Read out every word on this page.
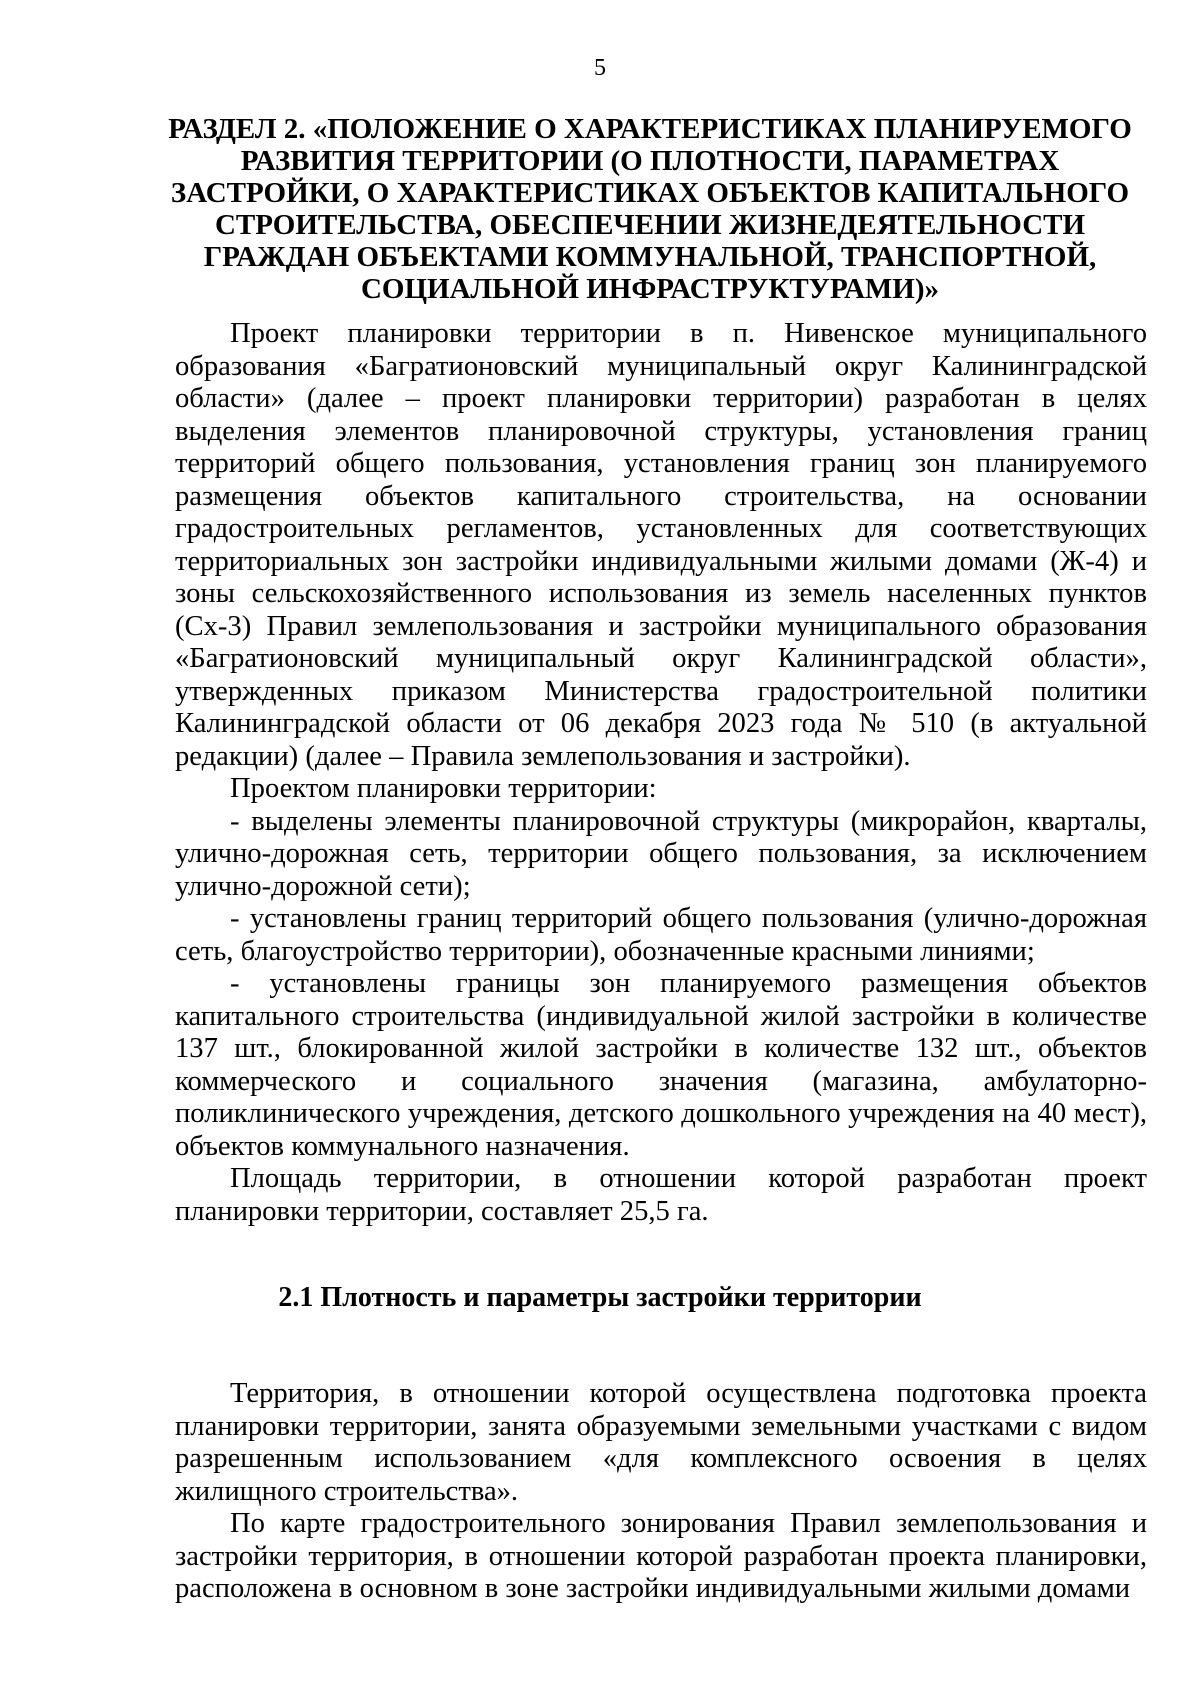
5
РАЗДЕЛ 2. «ПОЛОЖЕНИЕ О ХАРАКТЕРИСТИКАХ ПЛАНИРУЕМОГО
РАЗВИТИЯ ТЕРРИТОРИИ (О ПЛОТНОСТИ, ПАРАМЕТРАХ
ЗАСТРОЙКИ, О ХАРАКТЕРИСТИКАХ ОБЪЕКТОВ КАПИТАЛЬНОГО
СТРОИТЕЛЬСТВА, ОБЕСПЕЧЕНИИ ЖИЗНЕДЕЯТЕЛЬНОСТИ
ГРАЖДАН ОБЪЕКТАМИ КОММУНАЛЬНОЙ, ТРАНСПОРТНОЙ,
СОЦИАЛЬНОЙ ИНФРАСТРУКТУРАМИ)»

Проект планировки территории в п. Нивенское муниципального образования «Багратионовский муниципальный округ Калининградской области» (далее – проект планировки территории) разработан в целях выделения элементов планировочной структуры, установления границ территорий общего пользования, установления границ зон планируемого размещения объектов капитального строительства, на основании градостроительных регламентов, установленных для соответствующих территориальных зон застройки индивидуальными жилыми домами (Ж-4) и зоны сельскохозяйственного использования из земель населенных пунктов (Сх-3) Правил землепользования и застройки муниципального образования «Багратионовский муниципальный округ Калининградской области», утвержденных приказом Министерства градостроительной политики Калининградской области от 06 декабря 2023 года № 510 (в актуальной редакции) (далее – Правила землепользования и застройки).

Проектом планировки территории:

- выделены элементы планировочной структуры (микрорайон, кварталы, улично-дорожная сеть, территории общего пользования, за исключением улично-дорожной сети);

- установлены границ территорий общего пользования (улично-дорожная сеть, благоустройство территории), обозначенные красными линиями;

- установлены границы зон планируемого размещения объектов капитального строительства (индивидуальной жилой застройки в количестве 137 шт., блокированной жилой застройки в количестве 132 шт., объектов коммерческого и социального значения (магазина, амбулаторно-поликлинического учреждения, детского дошкольного учреждения на 40 мест), объектов коммунального назначения.

Площадь территории, в отношении которой разработан проект планировки территории, составляет 25,5 га.

2.1 Плотность и параметры застройки территории

Территория, в отношении которой осуществлена подготовка проекта планировки территории, занята образуемыми земельными участками с видом разрешенным использованием «для комплексного освоения в целях жилищного строительства».

По карте градостроительного зонирования Правил землепользования и застройки территория, в отношении которой разработан проекта планировки, расположена в основном в зоне застройки индивидуальными жилыми домами
